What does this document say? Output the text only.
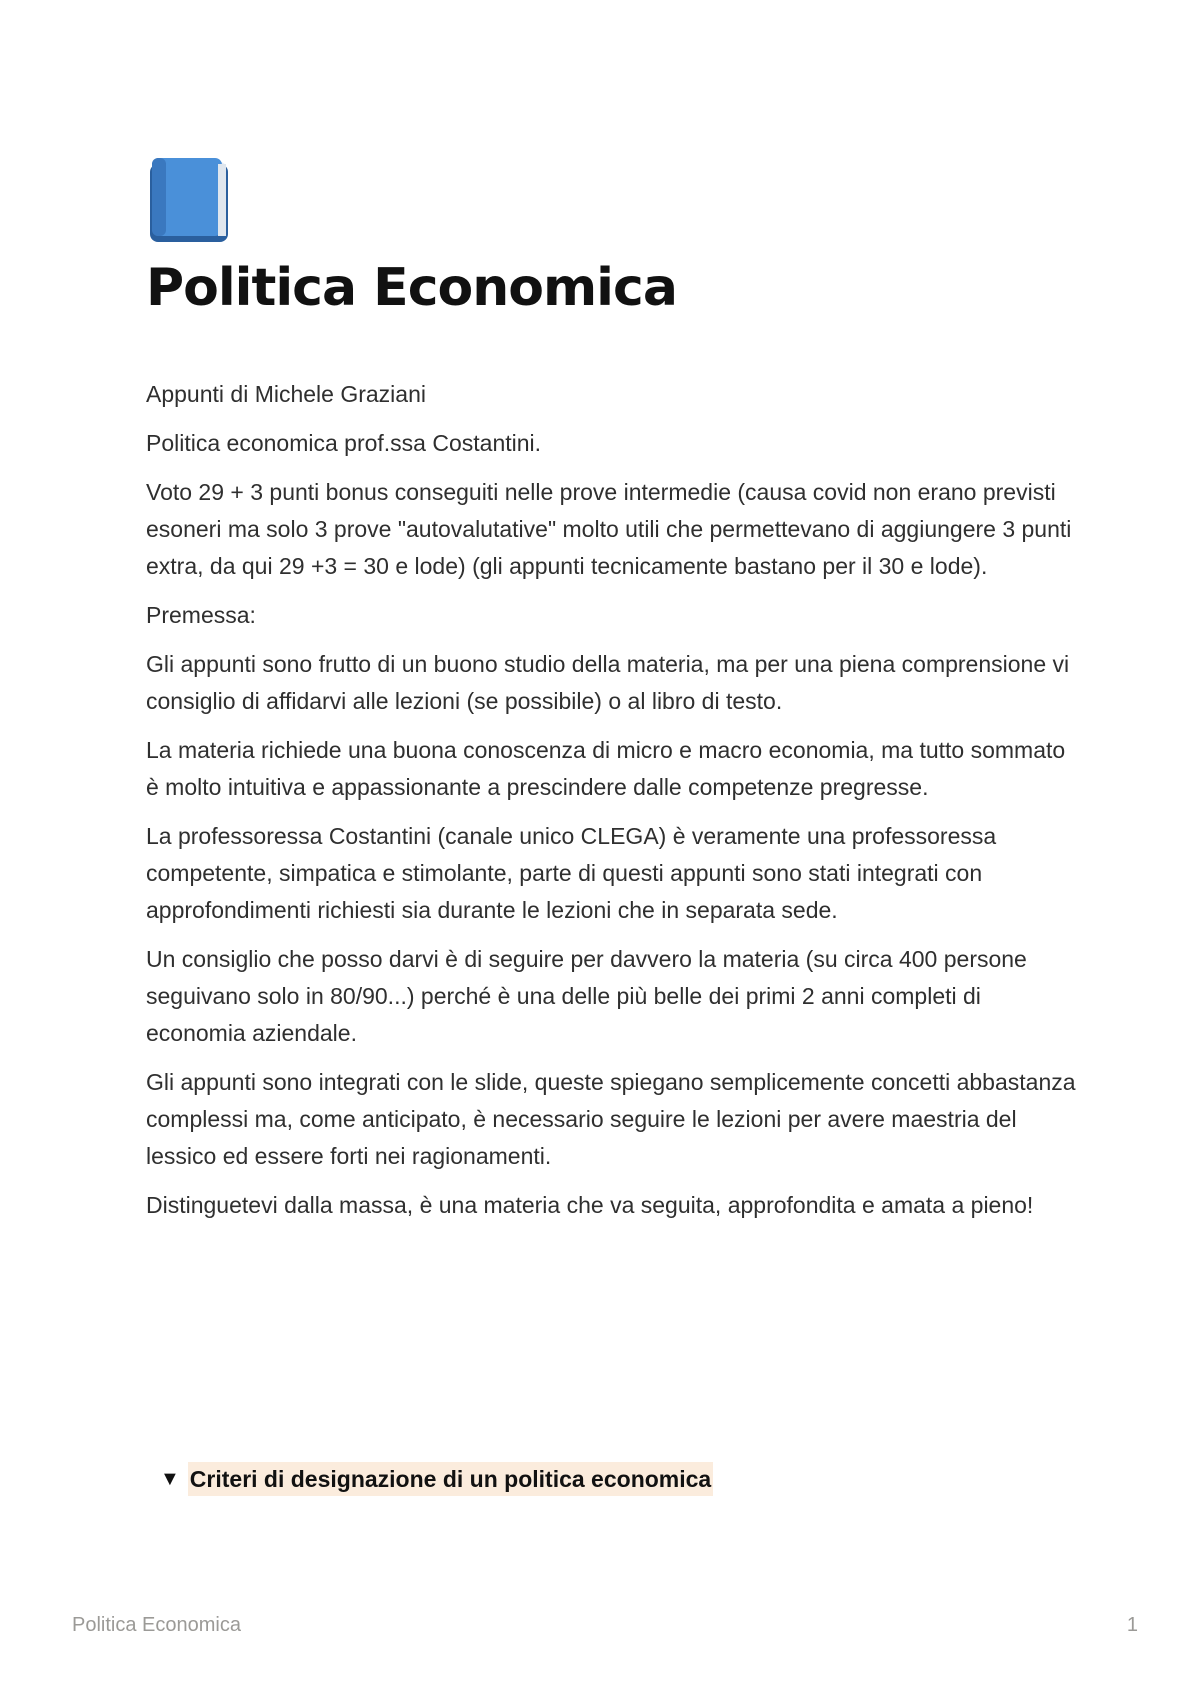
Politica Economica

Appunti di Michele Graziani

Politica economica prof.ssa Costantini.

Voto 29 + 3 punti bonus conseguiti nelle prove intermedie (causa covid non erano previsti esoneri ma solo 3 prove "autovalutative" molto utili che permettevano di aggiungere 3 punti extra, da qui 29 +3 = 30 e lode) (gli appunti tecnicamente bastano per il 30 e lode).

Premessa:

Gli appunti sono frutto di un buono studio della materia, ma per una piena comprensione vi consiglio di affidarvi alle lezioni (se possibile) o al libro di testo.

La materia richiede una buona conoscenza di micro e macro economia, ma tutto sommato è molto intuitiva e appassionante a prescindere dalle competenze pregresse.

La professoressa Costantini (canale unico CLEGA) è veramente una professoressa competente, simpatica e stimolante, parte di questi appunti sono stati integrati con approfondimenti richiesti sia durante le lezioni che in separata sede.

Un consiglio che posso darvi è di seguire per davvero la materia (su circa 400 persone seguivano solo in 80/90...) perché è una delle più belle dei primi 2 anni completi di economia aziendale.

Gli appunti sono integrati con le slide, queste spiegano semplicemente concetti abbastanza complessi ma, come anticipato, è necessario seguire le lezioni per avere maestria del lessico ed essere forti nei ragionamenti.

Distinguetevi dalla massa, è una materia che va seguita, approfondita e amata a pieno!

▼ Criteri di designazione di un politica economica
Politica Economica	1
